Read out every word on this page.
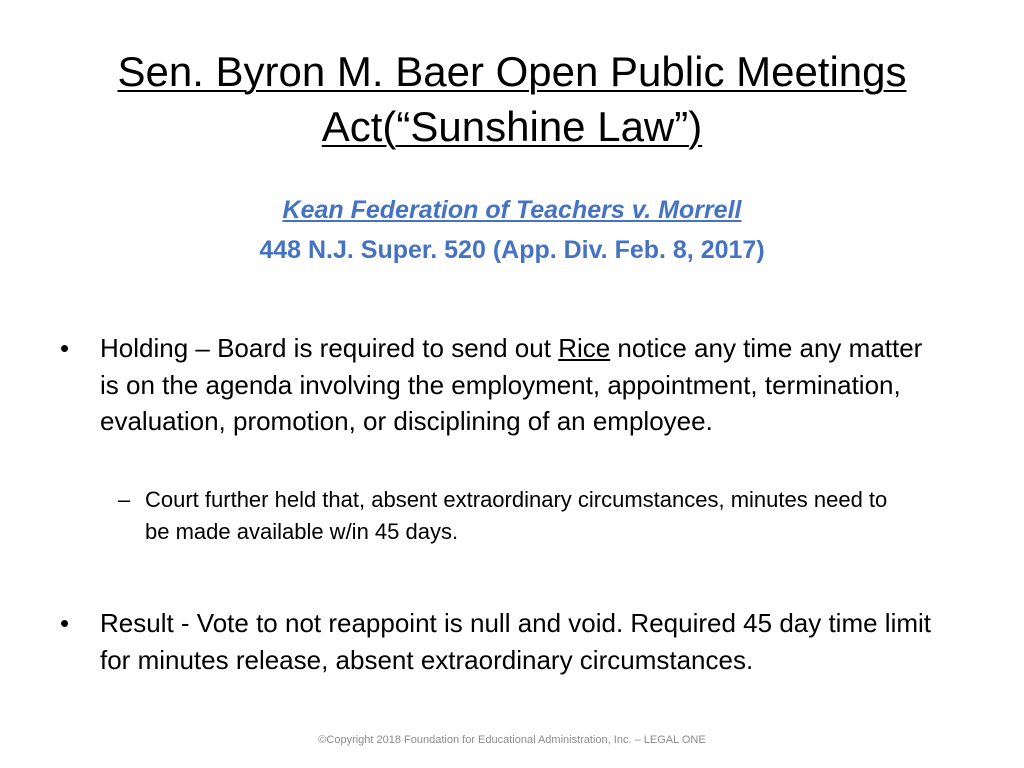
Sen. Byron M. Baer Open Public Meetings
Act(“Sunshine Law”)
Kean Federation of Teachers v. Morrell
448 N.J. Super. 520 (App. Div. Feb. 8, 2017)
• Holding – Board is required to send out Rice notice any time any matter is on the agenda involving the employment, appointment, termination, evaluation, promotion, or disciplining of an employee.
– Court further held that, absent extraordinary circumstances, minutes need to be made available w/in 45 days.
• Result - Vote to not reappoint is null and void. Required 45 day time limit for minutes release, absent extraordinary circumstances.
©Copyright 2018 Foundation for Educational Administration, Inc. – LEGAL ONE
